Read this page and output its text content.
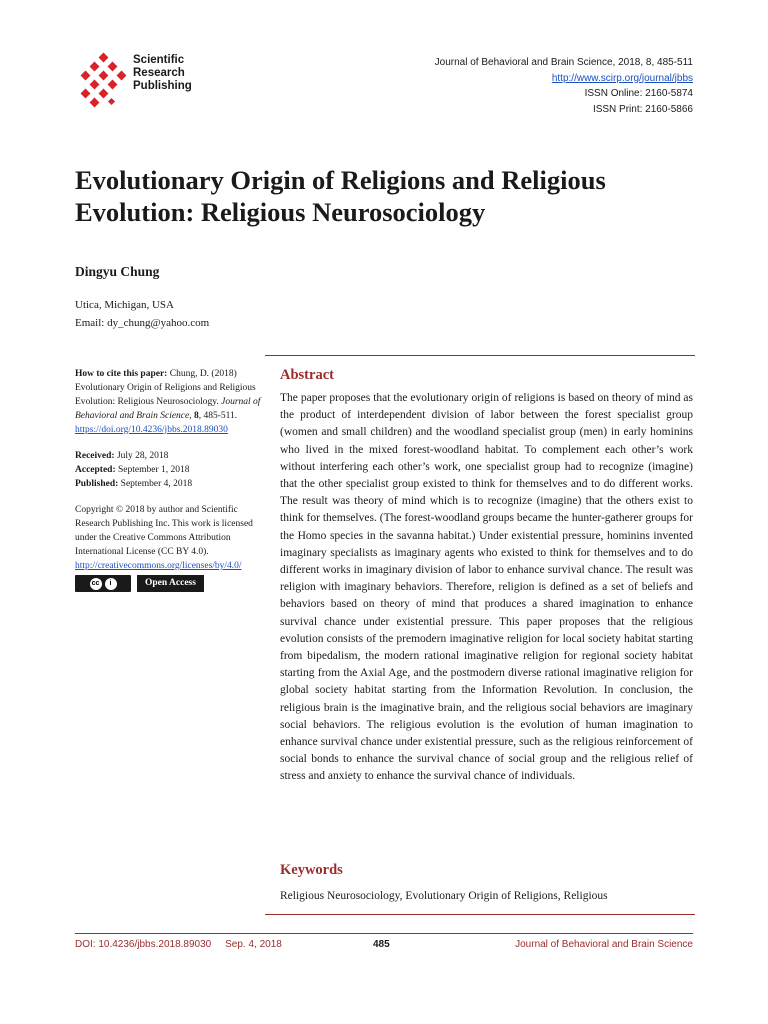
Scientific
Research
Publishing
Journal of Behavioral and Brain Science, 2018, 8, 485-511
http://www.scirp.org/journal/jbbs
ISSN Online: 2160-5874
ISSN Print: 2160-5866
Evolutionary Origin of Religions and Religious Evolution: Religious Neurosociology
Dingyu Chung
Utica, Michigan, USA
Email: dy_chung@yahoo.com
How to cite this paper: Chung, D. (2018) Evolutionary Origin of Religions and Religious Evolution: Religious Neurosociology. Journal of Behavioral and Brain Science, 8, 485-511.
https://doi.org/10.4236/jbbs.2018.89030
Received: July 28, 2018
Accepted: September 1, 2018
Published: September 4, 2018
Copyright © 2018 by author and Scientific Research Publishing Inc. This work is licensed under the Creative Commons Attribution International License (CC BY 4.0).
http://creativecommons.org/licenses/by/4.0/
cc	i	Open Access
Abstract
The paper proposes that the evolutionary origin of religions is based on theory of mind as the product of interdependent division of labor between the forest specialist group (women and small children) and the woodland specialist group (men) in early hominins who lived in the mixed forest-woodland habitat. To complement each other’s work without interfering each other’s work, one specialist group had to recognize (imagine) that the other specialist group existed to think for themselves and to do different works. The result was theory of mind which is to recognize (imagine) that the others exist to think for themselves. (The forest-woodland groups became the hunter-gatherer groups for the Homo species in the savanna habitat.) Under existential pressure, hominins invented imaginary specialists as imaginary agents who existed to think for themselves and to do different works in imaginary division of labor to enhance survival chance. The result was religion with imaginary behaviors. Therefore, religion is defined as a set of beliefs and behaviors based on theory of mind that produces a shared imagination to enhance survival chance under existential pressure. This paper proposes that the religious evolution consists of the premodern imaginative religion for local society habitat starting from bipedalism, the modern rational imaginative religion for regional society habitat starting from the Axial Age, and the postmodern diverse rational imaginative religion for global society habitat starting from the Information Revolution. In conclusion, the religious brain is the imaginative brain, and the religious social behaviors are imaginary social behaviors. The religious evolution is the evolution of human imagination to enhance survival chance under existential pressure, such as the religious reinforcement of social bonds to enhance the survival chance of social group and the religious relief of stress and anxiety to enhance the survival chance of individuals.
Keywords
Religious Neurosociology, Evolutionary Origin of Religions, Religious
DOI: 10.4236/jbbs.2018.89030     Sep. 4, 2018	485	Journal of Behavioral and Brain Science
